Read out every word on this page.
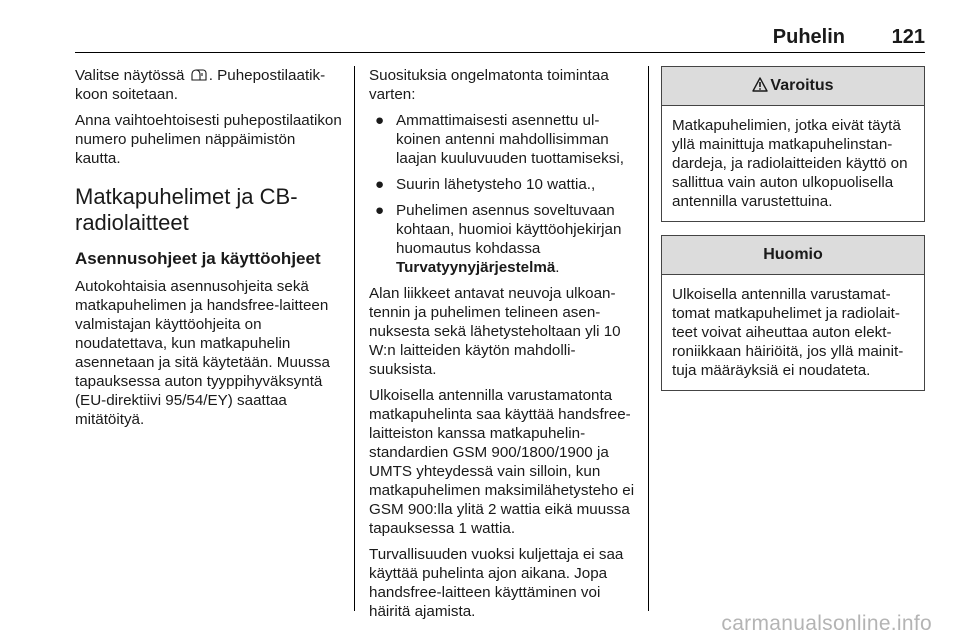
Puhelin 121

Valitse näytössä . Puhepostilaatikkoon soitetaan.

Anna vaihtoehtoisesti puhepostilaatikon numero puhelimen näppäimistön kautta.

Matkapuhelimet ja CB-radiolaitteet
Asennusohjeet ja käyttöohjeet

Autokohtaisia asennusohjeita sekä matkapuhelimen ja handsfree-laitteen valmistajan käyttöohjeita on noudatettava, kun matkapuhelin asennetaan ja sitä käytetään. Muussa tapauksessa auton tyyppihyväksyntä (EU-direktiivi 95/54/EY) saattaa mitätöityä.

Suosituksia ongelmatonta toimintaa varten:

● Ammattimaisesti asennettu ulkoinen antenni mahdollisimman laajan kuuluvuuden tuottamiseksi,
● Suurin lähetysteho 10 wattia.,
● Puhelimen asennus soveltuvaan kohtaan, huomioi käyttöohjekirjan huomautus kohdassa Turvatyynyjärjestelmä.

Alan liikkeet antavat neuvoja ulkoantennin ja puhelimen telineen asennuksesta sekä lähetysteholtaan yli 10 W:n laitteiden käytön mahdollisuuksista.

Ulkoisella antennilla varustamatonta matkapuhelinta saa käyttää handsfree-laitteiston kanssa matkapuhelinstandardien GSM 900/1800/1900 ja UMTS yhteydessä vain silloin, kun matkapuhelimen maksimilähetysteho ei GSM 900:lla ylitä 2 wattia eikä muussa tapauksessa 1 wattia.

Turvallisuuden vuoksi kuljettaja ei saa käyttää puhelinta ajon aikana. Jopa handsfree-laitteen käyttäminen voi häiritä ajamista.

Varoitus
Matkapuhelimien, jotka eivät täytä yllä mainittuja matkapuhelinstandardeja, ja radiolaitteiden käyttö on sallittua vain auton ulkopuolisella antennilla varustettuina.
Huomio
Ulkoisella antennilla varustamattomat matkapuhelimet ja radiolaitteet voivat aiheuttaa auton elektroniikkaan häiriöitä, jos yllä mainittuja määräyksiä ei noudateta.
carmanualsonline.info
